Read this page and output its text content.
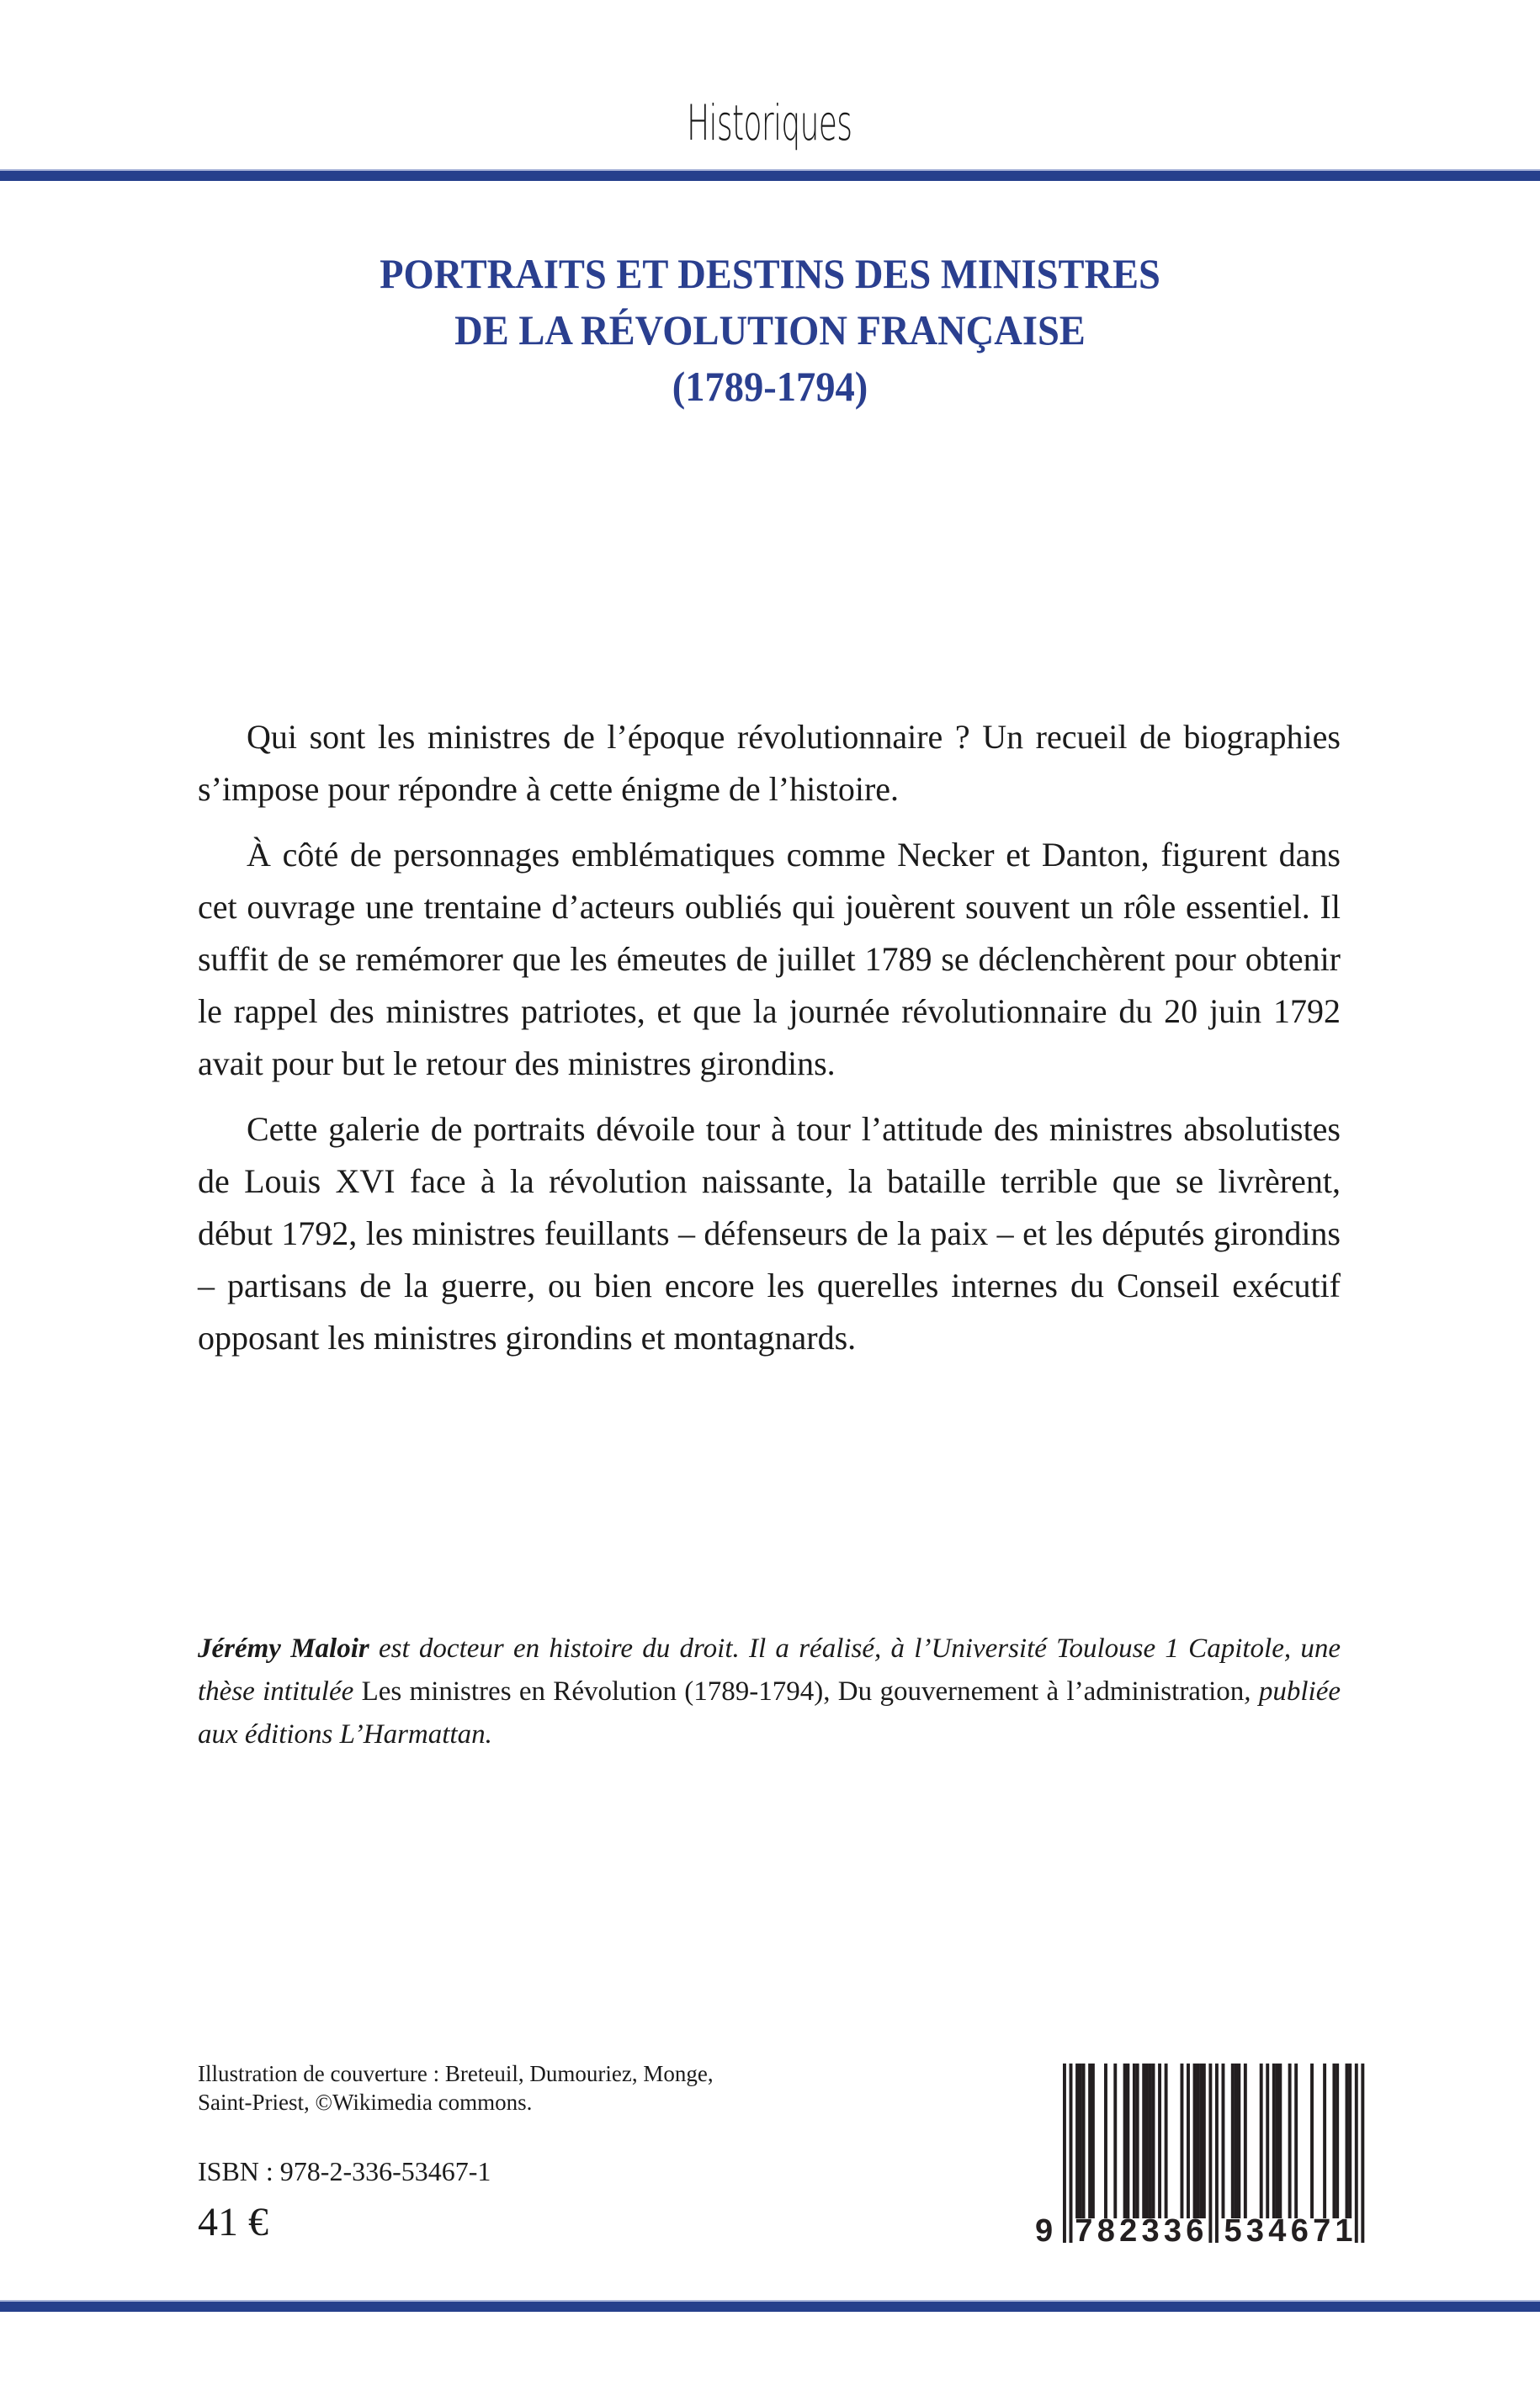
Historiques
PORTRAITS ET DESTINS DES MINISTRES
DE LA RÉVOLUTION FRANÇAISE
(1789-1794)

Qui sont les ministres de l’époque révolutionnaire ? Un recueil de biographies s’impose pour répondre à cette énigme de l’histoire.

À côté de personnages emblématiques comme Necker et Danton, figurent dans cet ouvrage une trentaine d’acteurs oubliés qui jouèrent souvent un rôle essentiel. Il suffit de se remémorer que les émeutes de juillet 1789 se déclenchèrent pour obtenir le rappel des ministres patriotes, et que la journée révolutionnaire du 20 juin 1792 avait pour but le retour des ministres girondins.

Cette galerie de portraits dévoile tour à tour l’attitude des ministres absolutistes de Louis XVI face à la révolution naissante, la bataille terrible que se livrèrent, début 1792, les ministres feuillants – défenseurs de la paix – et les députés girondins – partisans de la guerre, ou bien encore les querelles internes du Conseil exécutif opposant les ministres girondins et montagnards.

Jérémy Maloir est docteur en histoire du droit. Il a réalisé, à l’Université Toulouse 1 Capitole, une thèse intitulée Les ministres en Révolution (1789-1794), Du gouvernement à l’administration, publiée aux éditions L’Harmattan.

Illustration de couverture : Breteuil, Dumouriez, Monge,
Saint-Priest, ©Wikimedia commons.
ISBN : 978-2-336-53467-1
41 €	9 7 8 2 3 3 6 5 3 4 6 7 1
